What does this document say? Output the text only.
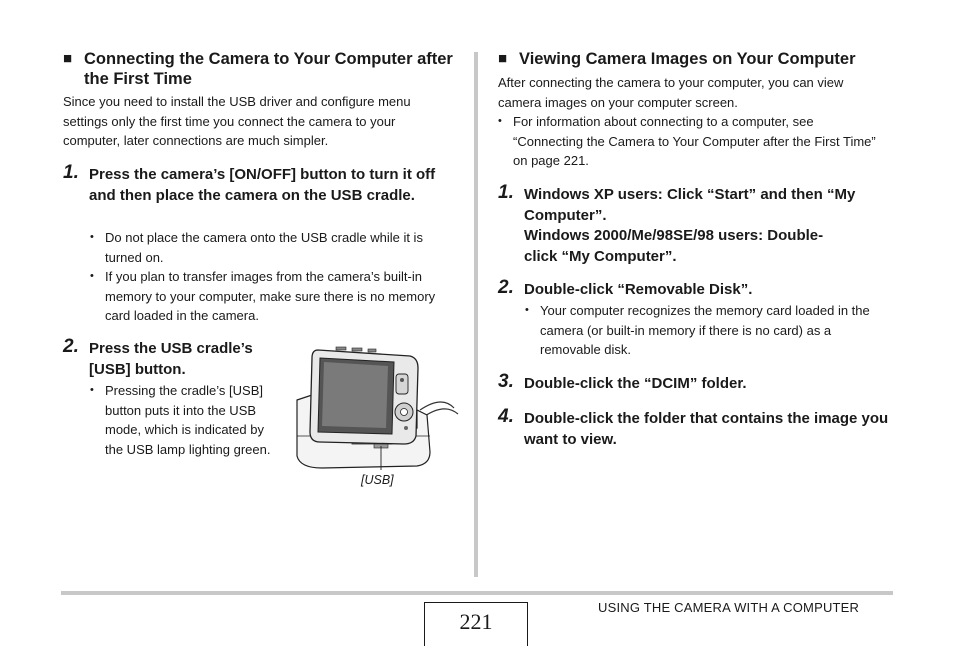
■ Connecting the Camera to Your Computer after the First Time

Since you need to install the USB driver and configure menu settings only the first time you connect the camera to your computer, later connections are much simpler.

1. Press the camera’s [ON/OFF] button to turn it off and then place the camera on the USB cradle.

• Do not place the camera onto the USB cradle while it is turned on.
• If you plan to transfer images from the camera’s built-in memory to your computer, make sure there is no memory card loaded in the camera.
2. Press the USB cradle’s [USB] button.

• Pressing the cradle’s [USB] button puts it into the USB mode, which is indicated by the USB lamp lighting green.
[USB]
■ Viewing Camera Images on Your Computer

After connecting the camera to your computer, you can view camera images on your computer screen.

• For information about connecting to a computer, see “Connecting the Camera to Your Computer after the First Time” on page 221.
1. Windows XP users: Click “Start” and then “My Computer”.
Windows 2000/Me/98SE/98 users: Double-click “My Computer”.

2. Double-click “Removable Disk”.

• Your computer recognizes the memory card loaded in the camera (or built-in memory if there is no card) as a removable disk.
3. Double-click the “DCIM” folder.

4. Double-click the folder that contains the image you want to view.

221
USING THE CAMERA WITH A COMPUTER
